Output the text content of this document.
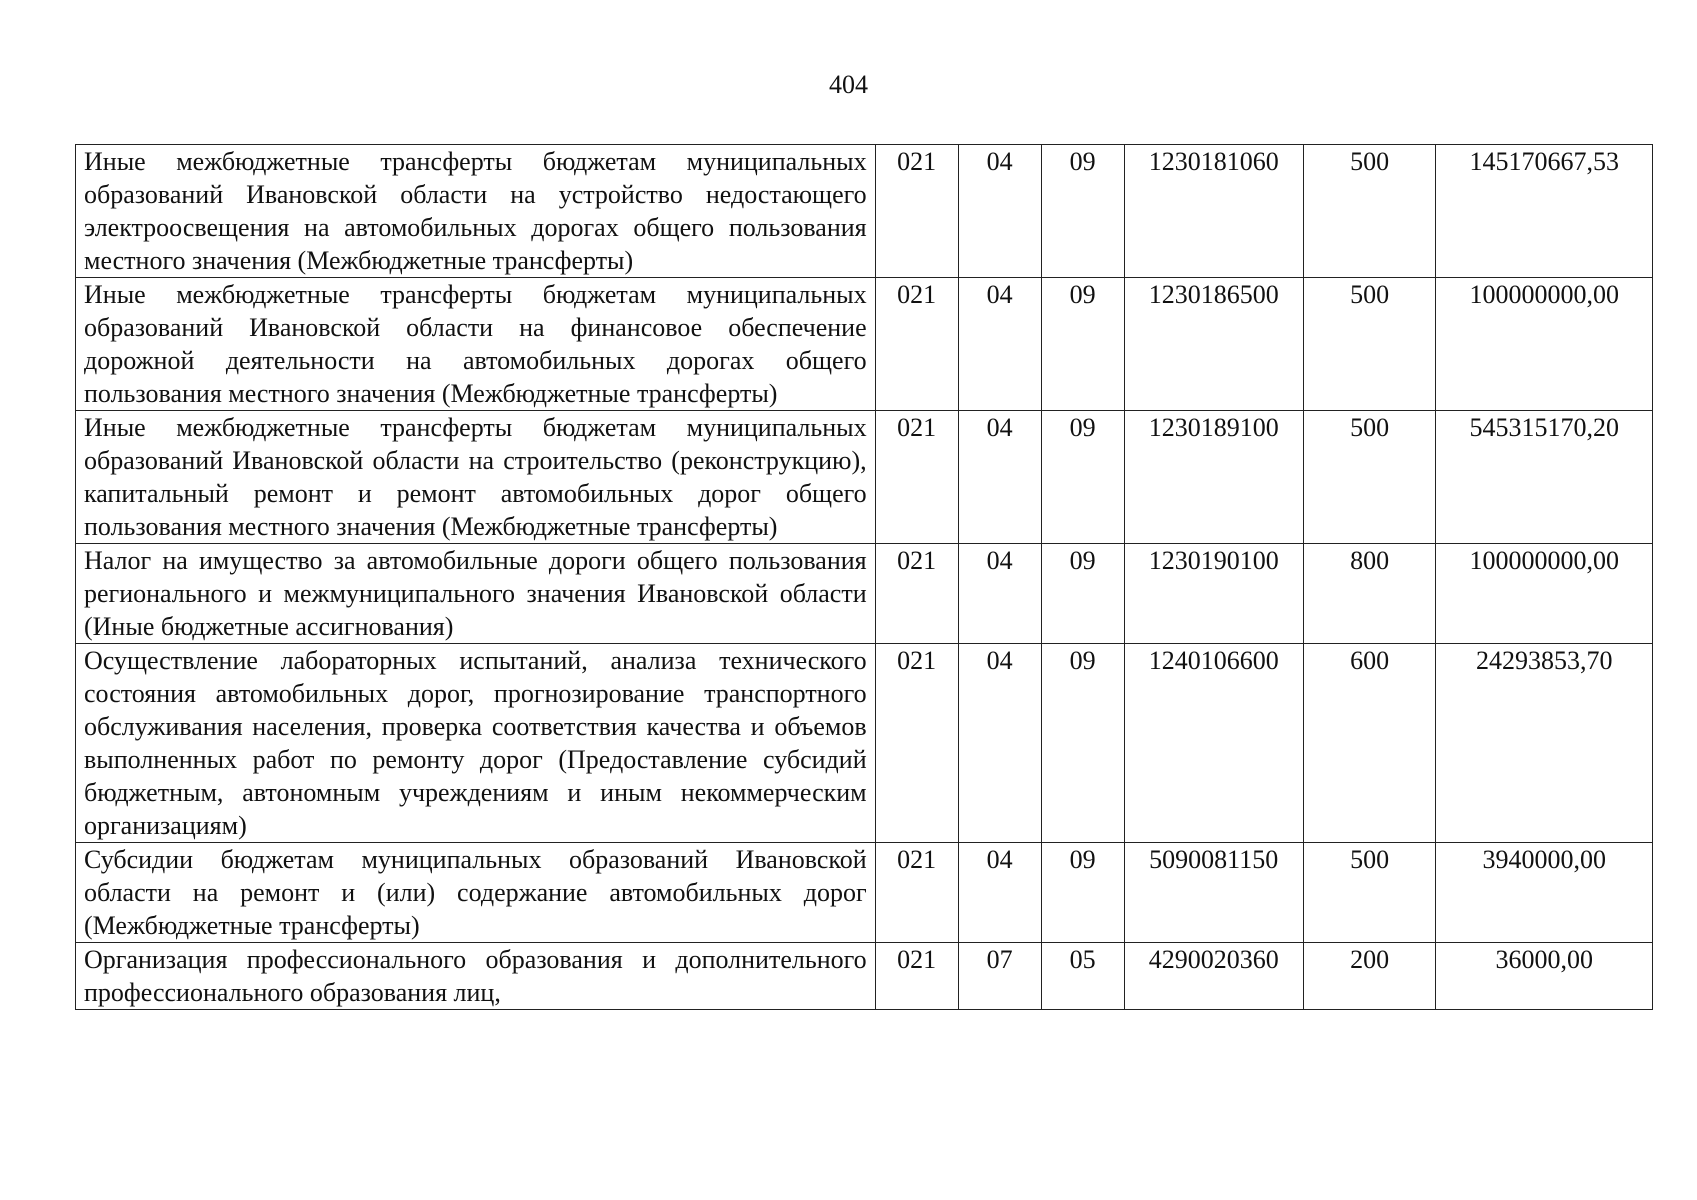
404
Иные межбюджетные трансферты бюджетам муниципальных образований Ивановской области на устройство недостающего электроосвещения на автомобильных дорогах общего пользования местного значения (Межбюджетные трансферты)	021	04	09	1230181060	500	145170667,53
Иные межбюджетные трансферты бюджетам муниципальных образований Ивановской области на финансовое обеспечение дорожной деятельности на автомобильных дорогах общего пользования местного значения (Межбюджетные трансферты)	021	04	09	1230186500	500	100000000,00
Иные межбюджетные трансферты бюджетам муниципальных образований Ивановской области на строительство (реконструкцию), капитальный ремонт и ремонт автомобильных дорог общего пользования местного значения (Межбюджетные трансферты)	021	04	09	1230189100	500	545315170,20
Налог на имущество за автомобильные дороги общего пользования регионального и межмуниципального значения Ивановской области (Иные бюджетные ассигнования)	021	04	09	1230190100	800	100000000,00
Осуществление лабораторных испытаний, анализа технического состояния автомобильных дорог, прогнозирование транспортного обслуживания населения, проверка соответствия качества и объемов выполненных работ по ремонту дорог (Предоставление субсидий бюджетным, автономным учреждениям и иным некоммерческим организациям)	021	04	09	1240106600	600	24293853,70
Субсидии бюджетам муниципальных образований Ивановской области на ремонт и (или) содержание автомобильных дорог (Межбюджетные трансферты)	021	04	09	5090081150	500	3940000,00

Организация профессионального образования и дополнительного профессионального образования лиц,	021	07	05	4290020360	200	36000,00
